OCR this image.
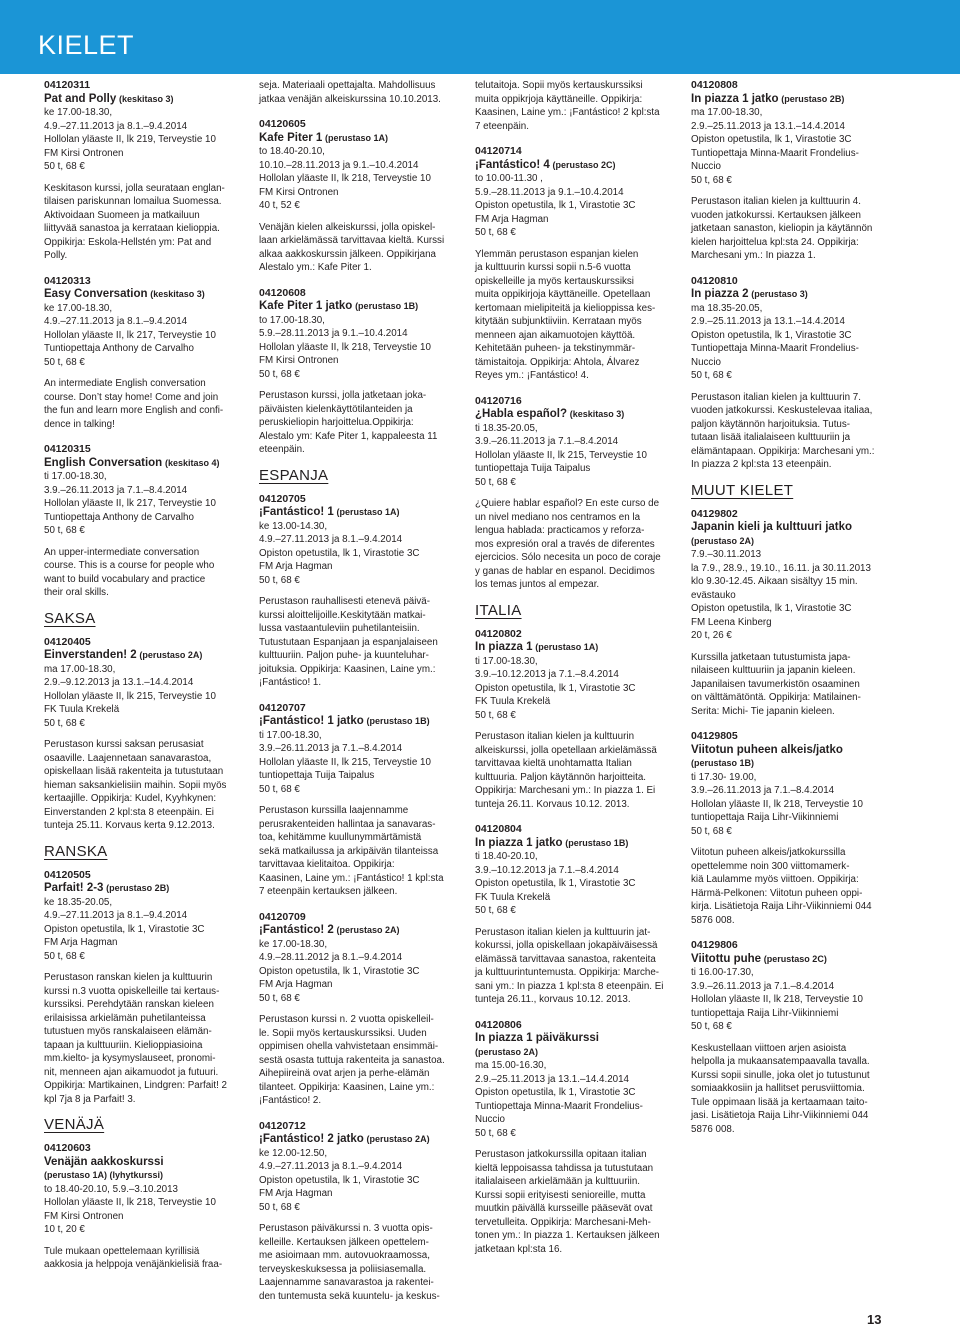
KIELET
04120311
Pat and Polly (keskitaso 3)
ke 17.00-18.30,
4.9.–27.11.2013 ja 8.1.–9.4.2014
Hollolan yläaste II, lk 219, Terveystie 10
FM Kirsi Ontronen
50 t, 68 €
Keskitason kurssi, jolla seurataan englan-
tilaisen pariskunnan lomailua Suomessa.
Aktivoidaan Suomeen ja matkailuun
liittyvää sanastoa ja kerrataan kielioppia.
Oppikirja: Eskola-Hellstén ym: Pat and
Polly.
04120313
Easy Conversation (keskitaso 3)
ke 17.00-18.30,
4.9.–27.11.2013 ja 8.1.–9.4.2014
Hollolan yläaste II, lk 217, Terveystie 10
Tuntiopettaja Anthony de Carvalho
50 t, 68 €
An intermediate English conversation
course. Don’t stay home! Come and join
the fun and learn more English and confi-
dence in talking!
04120315
English Conversation (keskitaso 4)
ti 17.00-18.30,
3.9.–26.11.2013 ja 7.1.–8.4.2014
Hollolan yläaste II, lk 217, Terveystie 10
Tuntiopettaja Anthony de Carvalho
50 t, 68 €
An upper-intermediate conversation
course. This is a course for people who
want to build vocabulary and practice
their oral skills.
SAKSA
04120405
Einverstanden! 2 (perustaso 2A)
ma 17.00-18.30,
2.9.–9.12.2013 ja 13.1.–14.4.2014
Hollolan yläaste II, lk 215, Terveystie 10
FK Tuula Krekelä
50 t, 68 €
Perustason kurssi saksan perusasiat
osaaville. Laajennetaan sanavarastoa,
opiskellaan lisää rakenteita ja tutustutaan
hieman saksankielisiin maihin. Sopii myös
kertaajille. Oppikirja: Kudel, Kyyhkynen:
Einverstanden 2 kpl:sta 8 eteenpäin. Ei
tunteja 25.11. Korvaus kerta 9.12.2013.
RANSKA
04120505
Parfait! 2-3 (perustaso 2B)
ke 18.35-20.05,
4.9.–27.11.2013 ja 8.1.–9.4.2014
Opiston opetustila, lk 1, Virastotie 3C
FM Arja Hagman
50 t, 68 €
Perustason ranskan kielen ja kulttuurin
kurssi n.3 vuotta opiskelleille tai kertaus-
kurssiksi. Perehdytään ranskan kieleen
erilaisissa arkielämän puhetilanteissa
tutustuen myös ranskalaiseen elämän-
tapaan ja kulttuuriin. Kielioppiasioina
mm.kielto- ja kysymyslauseet, pronomi-
nit, menneen ajan aikamuodot ja futuuri.
Oppikirja: Martikainen, Lindgren: Parfait! 2
kpl 7ja 8 ja Parfait! 3.
VENÄJÄ
04120603
Venäjän aakkoskurssi
(perustaso 1A) (lyhytkurssi)
to 18.40-20.10, 5.9.–3.10.2013
Hollolan yläaste II, lk 218, Terveystie 10
FM Kirsi Ontronen
10 t, 20 €
Tule mukaan opettelemaan kyrillisiä
aakkosia ja helppoja venäjänkielisiä fraa-
seja. Materiaali opettajalta. Mahdollisuus
jatkaa venäjän alkeiskurssina 10.10.2013.
04120605
Kafe Piter 1 (perustaso 1A)
to 18.40-20.10,
10.10.–28.11.2013 ja 9.1.–10.4.2014
Hollolan yläaste II, lk 218, Terveystie 10
FM Kirsi Ontronen
40 t, 52 €
Venäjän kielen alkeiskurssi, jolla opiskel-
laan arkielämässä tarvittavaa kieltä. Kurssi
alkaa aakkoskurssin jälkeen. Oppikirjana
Alestalo ym.: Kafe Piter 1.
04120608
Kafe Piter 1 jatko (perustaso 1B)
to 17.00-18.30,
5.9.–28.11.2013 ja 9.1.–10.4.2014
Hollolan yläaste II, lk 218, Terveystie 10
FM Kirsi Ontronen
50 t, 68 €
Perustason kurssi, jolla jatketaan joka-
päiväisten kielenkäyttötilanteiden ja
peruskieliopin harjoittelua.Oppikirja:
Alestalo ym: Kafe Piter 1, kappaleesta 11
eteenpäin.
ESPANJA
04120705
¡Fantástico! 1 (perustaso 1A)
ke 13.00-14.30,
4.9.–27.11.2013 ja 8.1.–9.4.2014
Opiston opetustila, lk 1, Virastotie 3C
FM Arja Hagman
50 t, 68 €
Perustason rauhallisesti etenevä päivä-
kurssi aloittelijoille.Keskitytään matkai-
lussa vastaantuleviin puhetilanteisiin.
Tutustutaan Espanjaan ja espanjalaiseen
kulttuuriin. Paljon puhe- ja kuunteluhar-
joituksia. Oppikirja: Kaasinen, Laine ym.:
¡Fantástico! 1.
04120707
¡Fantástico! 1 jatko (perustaso 1B)
ti 17.00-18.30,
3.9.–26.11.2013 ja 7.1.–8.4.2014
Hollolan yläaste II, lk 215, Terveystie 10
tuntiopettaja Tuija Taipalus
50 t, 68 €
Perustason kurssilla laajennamme
perusrakenteiden hallintaa ja sanavaras-
toa, kehitämme kuullunymmärtämistä
sekä matkailussa ja arkipäivän tilanteissa
tarvittavaa kielitaitoa. Oppikirja:
Kaasinen, Laine ym.: ¡Fantástico! 1 kpl:sta
7 eteenpäin kertauksen jälkeen.
04120709
¡Fantástico! 2 (perustaso 2A)
ke 17.00-18.30,
4.9.–28.11.2012 ja 8.1.–9.4.2014
Opiston opetustila, lk 1, Virastotie 3C
FM Arja Hagman
50 t, 68 €
Perustason kurssi n. 2 vuotta opiskelleil-
le. Sopii myös kertauskurssiksi. Uuden
oppimisen ohella vahvistetaan ensimmäi-
sestä osasta tuttuja rakenteita ja sanastoa.
Aihepiireinä ovat arjen ja perhe-elämän
tilanteet. Oppikirja: Kaasinen, Laine ym.:
¡Fantástico! 2.
04120712
¡Fantástico! 2 jatko (perustaso 2A)
ke 12.00-12.50,
4.9.–27.11.2013 ja 8.1.–9.4.2014
Opiston opetustila, lk 1, Virastotie 3C
FM Arja Hagman
50 t, 68 €
Perustason päiväkurssi n. 3 vuotta opis-
kelleille. Kertauksen jälkeen opettelem-
me asioimaan mm. autovuokraamossa,
terveyskeskuksessa ja poliisiasemalla.
Laajennamme sanavarastoa ja rakentei-
den tuntemusta sekä kuuntelu- ja keskus-
telutaitoja. Sopii myös kertauskurssiksi
muita oppikrjoja käyttäneille. Oppikirja:
Kaasinen, Laine ym.: ¡Fantástico! 2 kpl:sta
7 eteenpäin.
04120714
¡Fantástico! 4 (perustaso 2C)
to 10.00-11.30 ,
5.9.–28.11.2013 ja 9.1.–10.4.2014
Opiston opetustila, lk 1, Virastotie 3C
FM Arja Hagman
50 t, 68 €
Ylemmän perustason espanjan kielen
ja kulttuurin kurssi sopii n.5-6 vuotta
opiskelleille ja myös kertauskurssiksi
muita oppikirjoja käyttäneille. Opetellaan
kertomaan mielipiteitä ja kielioppissa kes-
kitytään subjunktiiviin. Kerrataan myös
menneen ajan aikamuotojen käyttöä.
Kehitetään puheen- ja tekstinymmär-
tämistaitoja. Oppikirja: Ahtola, Álvarez
Reyes ym.: ¡Fantástico! 4.
04120716
¿Habla español? (keskitaso 3)
ti 18.35-20.05,
3.9.–26.11.2013 ja 7.1.–8.4.2014
Hollolan yläaste II, lk 215, Terveystie 10
tuntiopettaja Tuija Taipalus
50 t, 68 €
¿Quiere hablar español? En este curso de
un nivel mediano nos centramos en la
lengua hablada: practicamos y reforza-
mos expresión oral a través de diferentes
ejercicios. Sólo necesita un poco de coraje
y ganas de hablar en espanol. Decidimos
los temas juntos al empezar.
ITALIA
04120802
In piazza 1 (perustaso 1A)
ti 17.00-18.30,
3.9.–10.12.2013 ja 7.1.–8.4.2014
Opiston opetustila, lk 1, Virastotie 3C
FK Tuula Krekelä
50 t, 68 €
Perustason italian kielen ja kulttuurin
alkeiskurssi, jolla opetellaan arkielämässä
tarvittavaa kieltä unohtamatta Italian
kulttuuria. Paljon käytännön harjoitteita.
Oppikirja: Marchesani ym.: In piazza 1. Ei
tunteja 26.11. Korvaus 10.12. 2013.
04120804
In piazza 1 jatko (perustaso 1B)
ti 18.40-20.10,
3.9.–10.12.2013 ja 7.1.–8.4.2014
Opiston opetustila, lk 1, Virastotie 3C
FK Tuula Krekelä
50 t, 68 €
Perustason italian kielen ja kulttuurin jat-
kokurssi, jolla opiskellaan jokapäiväisessä
elämässä tarvittavaa sanastoa, rakenteita
ja kulttuurintuntemusta. Oppikirja: Marche-
sani ym.: In piazza 1 kpl:sta 8 eteenpäin. Ei
tunteja 26.11., korvaus 10.12. 2013.
04120806
In piazza 1 päiväkurssi
(perustaso 2A)
ma 15.00-16.30,
2.9.–25.11.2013 ja 13.1.–14.4.2014
Opiston opetustila, lk 1, Virastotie 3C
Tuntiopettaja Minna-Maarit Frondelius-
Nuccio
50 t, 68 €
Perustason jatkokurssilla opitaan italian
kieltä leppoisassa tahdissa ja tutustutaan
italialaiseen arkielämään ja kulttuuriin.
Kurssi sopii erityisesti senioreille, mutta
muutkin päivällä kursseille pääsevät ovat
tervetulleita. Oppikirja: Marchesani-Meh-
tonen ym.: In piazza 1. Kertauksen jälkeen
jatketaan kpl:sta 16.
04120808
In piazza 1 jatko (perustaso 2B)
ma 17.00-18.30,
2.9.–25.11.2013 ja 13.1.–14.4.2014
Opiston opetustila, lk 1, Virastotie 3C
Tuntiopettaja Minna-Maarit Frondelius-
Nuccio
50 t, 68 €
Perustason italian kielen ja kulttuurin 4.
vuoden jatkokurssi. Kertauksen jälkeen
jatketaan sanaston, kieliopin ja käytännön
kielen harjoittelua kpl:sta 24. Oppikirja:
Marchesani ym.: In piazza 1.
04120810
In piazza 2 (perustaso 3)
ma 18.35-20.05,
2.9.–25.11.2013 ja 13.1.–14.4.2014
Opiston opetustila, lk 1, Virastotie 3C
Tuntiopettaja Minna-Maarit Frondelius-
Nuccio
50 t, 68 €
Perustason italian kielen ja kulttuurin 7.
vuoden jatkokurssi. Keskustelevaa italiaa,
paljon käytännön harjoituksia. Tutus-
tutaan lisää italialaiseen kulttuuriin ja
elämäntapaan. Oppikirja: Marchesani ym.:
In piazza 2 kpl:sta 13 eteenpäin.
MUUT KIELET
04129802
Japanin kieli ja kulttuuri jatko
(perustaso 2A)
7.9.–30.11.2013
la 7.9., 28.9., 19.10., 16.11. ja 30.11.2013
klo 9.30-12.45. Aikaan sisältyy 15 min.
evästauko
Opiston opetustila, lk 1, Virastotie 3C
FM Leena Kinberg
20 t, 26 €
Kurssilla jatketaan tutustumista japa-
nilaiseen kulttuuriin ja japanin kieleen.
Japanilaisen tavumerkistön osaaminen
on välttämätöntä. Oppikirja: Matilainen-
Serita: Michi- Tie japanin kieleen.
04129805
Viitotun puheen alkeis/jatko
(perustaso 1B)
ti 17.30- 19.00,
3.9.–26.11.2013 ja 7.1.–8.4.2014
Hollolan yläaste II, lk 218, Terveystie 10
tuntiopettaja Raija Lihr-Viikinniemi
50 t, 68 €
Viitotun puheen alkeis/jatkokurssilla
opettelemme noin 300 viittomamerk-
kiä Laulamme myös viittoen. Oppikirja:
Härmä-Pelkonen: Viitotun puheen oppi-
kirja. Lisätietoja Raija Lihr-Viikinniemi 044
5876 008.
04129806
Viitottu puhe (perustaso 2C)
ti 16.00-17.30,
3.9.–26.11.2013 ja 7.1.–8.4.2014
Hollolan yläaste II, lk 218, Terveystie 10
tuntiopettaja Raija Lihr-Viikinniemi
50 t, 68 €
Keskustellaan viittoen arjen asioista
helpolla ja mukaansatempaavalla tavalla.
Kurssi sopii sinulle, joka olet jo tutustunut
somiaakkosiin ja hallitset perusviittomia.
Tule oppimaan lisää ja kertaamaan taito-
jasi. Lisätietoja Raija Lihr-Viikinniemi 044
5876 008.
13
